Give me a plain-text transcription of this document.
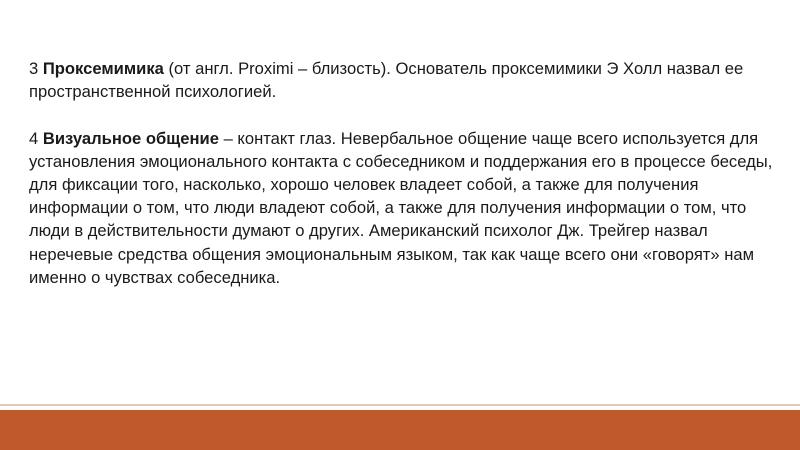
3 Проксемимика (от англ. Proximi – близость). Основатель проксемимики Э Холл назвал ее пространственной психологией.

4 Визуальное общение – контакт глаз. Невербальное общение чаще всего используется для установления эмоционального контакта с собеседником и поддержания его в процессе беседы, для фиксации того, насколько, хорошо человек владеет собой, а также для получения информации о том, что люди владеют собой, а также для получения информации о том, что люди в действительности думают о других. Американский психолог Дж. Трейгер назвал неречевые средства общения эмоциональным языком, так как чаще всего они «говорят» нам именно о чувствах собеседника.
